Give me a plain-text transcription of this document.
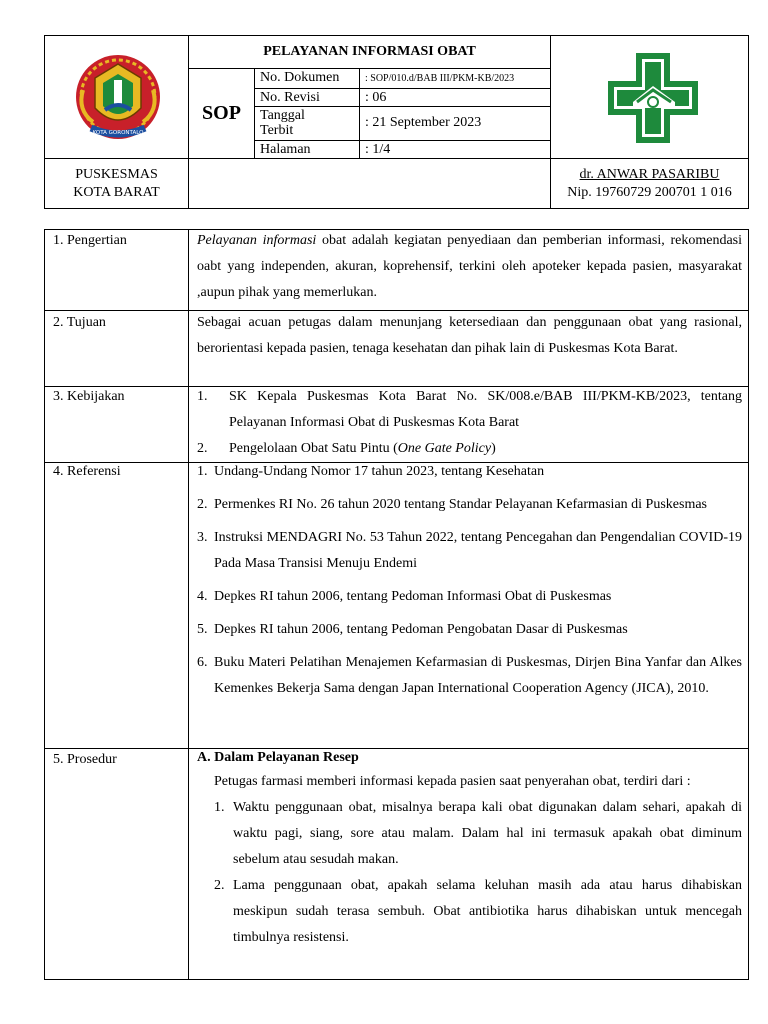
KOTA GORONTALO
PELAYANAN INFORMASI OBAT
SOP
No. Dokumen	: SOP/010.d/BAB III/PKM-KB/2023
No. Revisi	: 06
Tanggal Terbit
: 21 September 2023
Halaman	: 1/4
PUSKESMAS
KOTA BARAT
dr. ANWAR PASARIBU
Nip. 19760729 200701 1 016
1. Pengertian	Pelayanan informasi obat adalah kegiatan penyediaan dan pemberian informasi, rekomendasi oabt yang independen, akuran, koprehensif, terkini oleh apoteker kepada pasien, masyarakat ,aupun pihak yang memerlukan.

2. Tujuan	Sebagai acuan petugas dalam menunjang ketersediaan dan penggunaan obat yang rasional, berorientasi kepada pasien, tenaga kesehatan dan pihak lain di Puskesmas Kota Barat.
3. Kebijakan	1.	SK Kepala Puskesmas Kota Barat No. SK/008.e/BAB III/PKM-KB/2023, tentang Pelayanan Informasi Obat di Puskesmas Kota Barat
2.	Pengelolaan Obat Satu Pintu (One Gate Policy)
4. Referensi	1. Undang-Undang Nomor 17 tahun 2023, tentang Kesehatan
2. Permenkes RI No. 26 tahun 2020 tentang Standar Pelayanan Kefarmasian di Puskesmas
3. Instruksi MENDAGRI No. 53 Tahun 2022, tentang Pencegahan dan Pengendalian COVID-19 Pada Masa Transisi Menuju Endemi
4. Depkes RI tahun 2006, tentang Pedoman Informasi Obat di Puskesmas
5. Depkes RI tahun 2006, tentang Pedoman Pengobatan Dasar di Puskesmas
6. Buku Materi Pelatihan Menajemen Kefarmasian di Puskesmas, Dirjen Bina Yanfar dan Alkes Kemenkes Bekerja Sama dengan Japan International Cooperation Agency (JICA), 2010.
5. Prosedur	A. Dalam Pelayanan Resep
Petugas farmasi memberi informasi kepada pasien saat penyerahan obat, terdiri dari :
1. Waktu penggunaan obat, misalnya berapa kali obat digunakan dalam sehari, apakah di waktu pagi, siang, sore atau malam. Dalam hal ini termasuk apakah obat diminum sebelum atau sesudah makan.
2. Lama penggunaan obat, apakah selama keluhan masih ada atau harus dihabiskan meskipun sudah terasa sembuh. Obat antibiotika harus dihabiskan untuk mencegah timbulnya resistensi.
